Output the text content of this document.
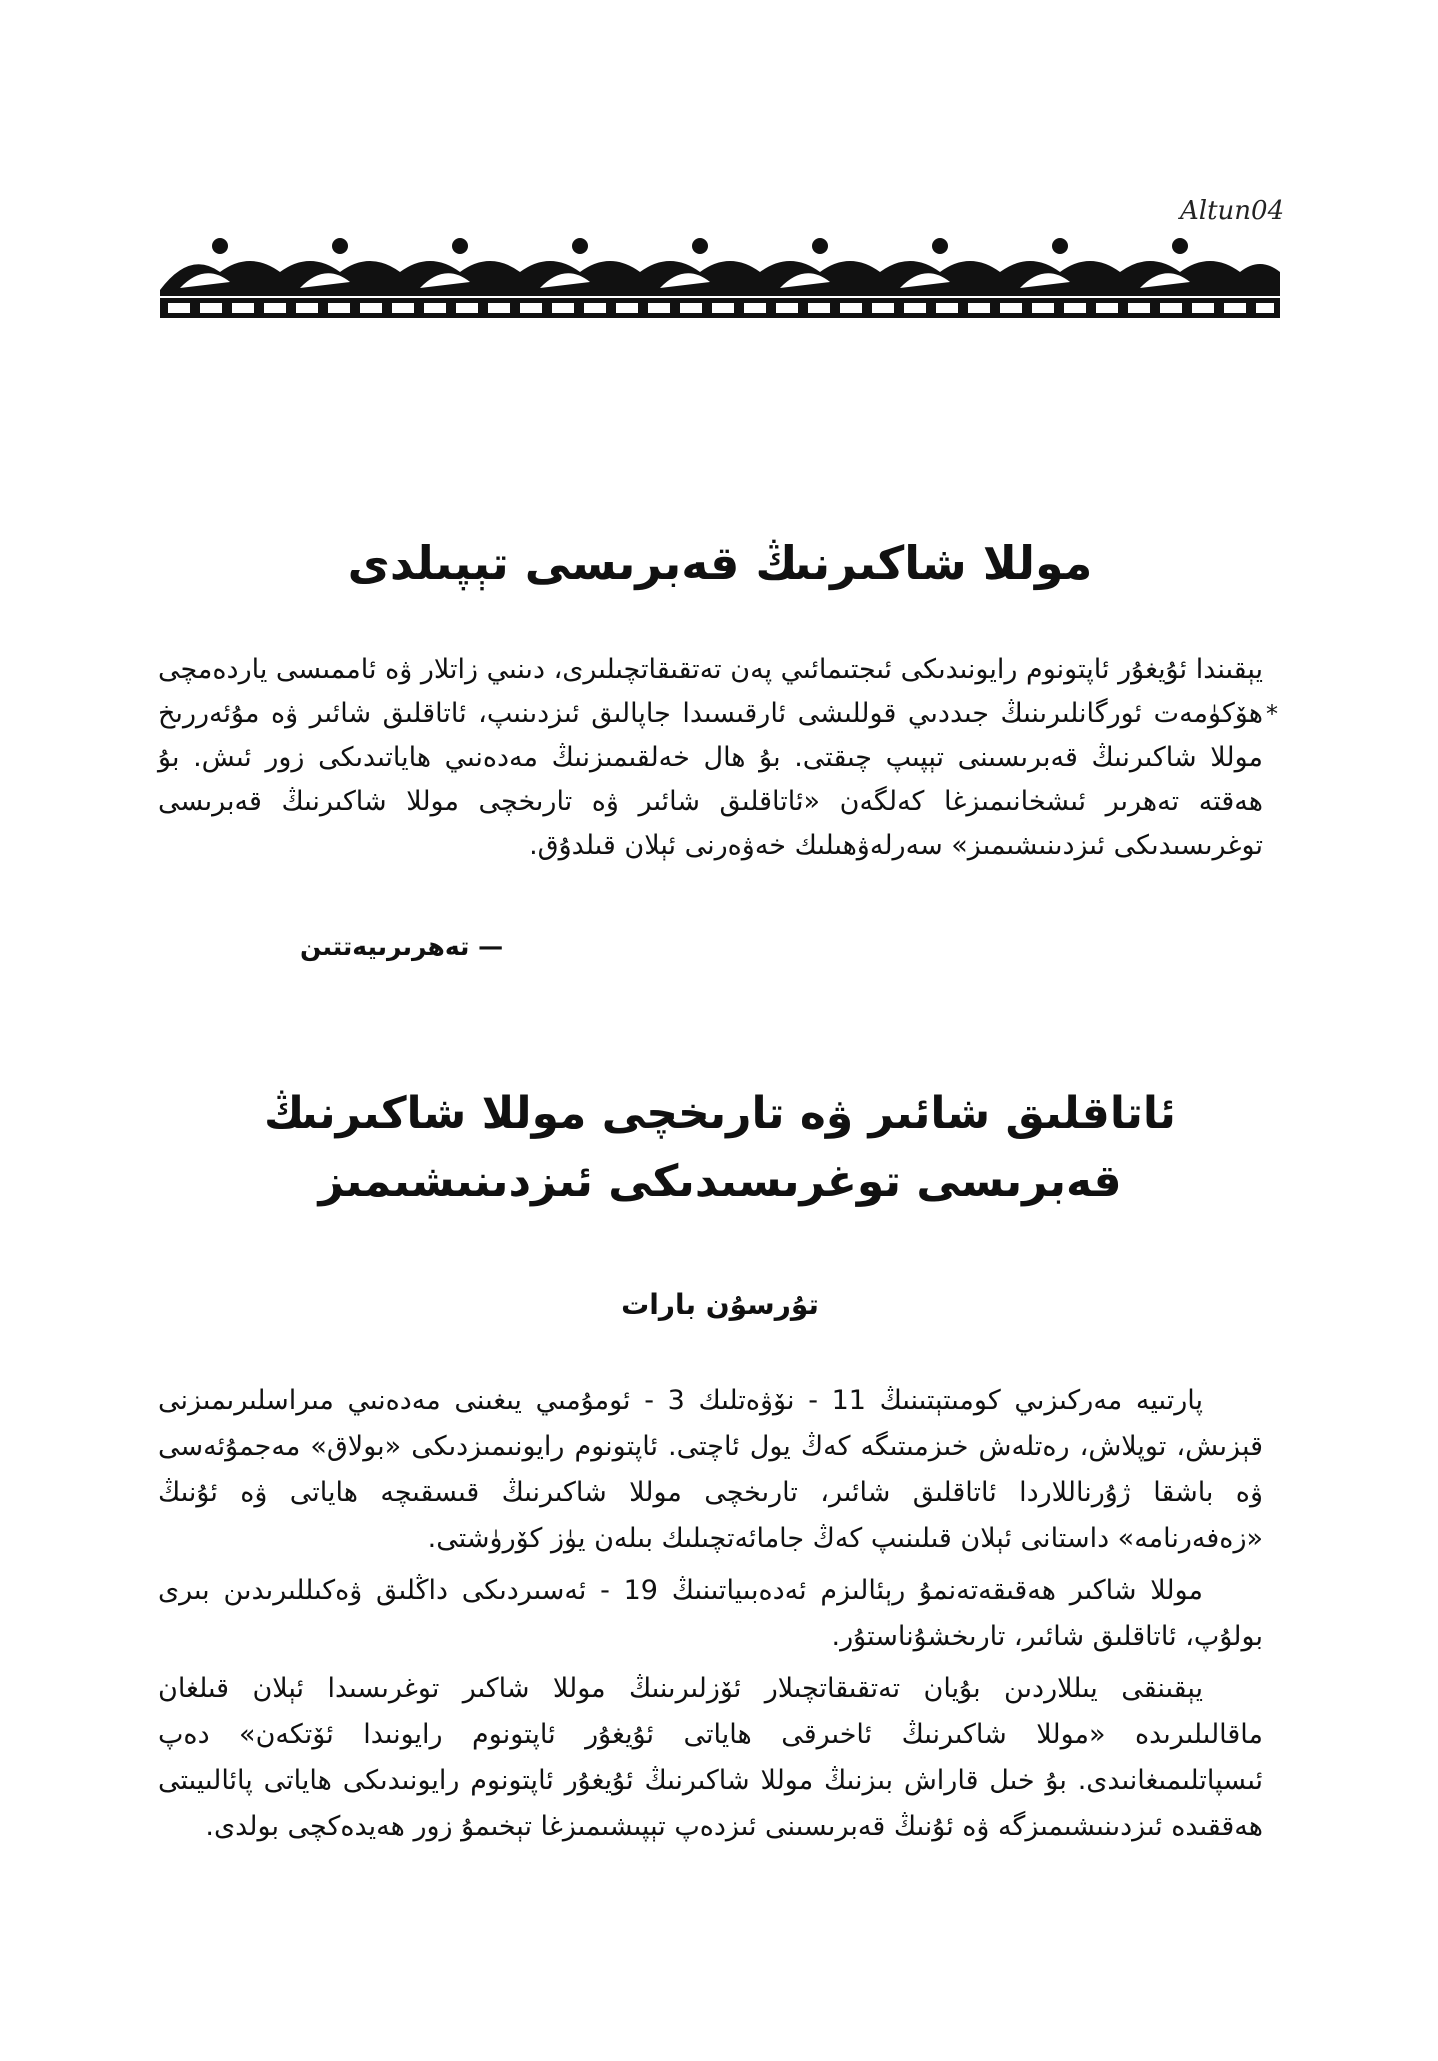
Altun04
موللا شاكىرنىڭ قەبرىسى تېپىلدى
يېقىندا ئۇيغۇر ئاپتونوم رايونىدىكى ئىجتىمائىي پەن تەتقىقاتچىلىرى، دىنىي زاتلار ۋە ئاممىسى ياردەمچى ھۆكۈمەت ئورگانلىرىنىڭ جىددىي قوللىشى ئارقىسىدا جاپالىق ئىزدىنىپ، ئاتاقلىق شائىر ۋە مۇئەررىخ موللا شاكىرنىڭ قەبرىسىنى تېپىپ چىقتى. بۇ ھال خەلقىمىزنىڭ مەدەنىي ھاياتىدىكى زور ئىش. بۇ ھەقتە تەھرىر ئىشخانىمىزغا كەلگەن «ئاتاقلىق شائىر ۋە تارىخچى موللا شاكىرنىڭ قەبرىسى توغرىسىدىكى ئىزدىنىشىمىز» سەرلەۋھىلىك خەۋەرنى ئېلان قىلدۇق.
*
— تەھرىرىيەتتىن
ئاتاقلىق شائىر ۋە تارىخچى موللا شاكىرنىڭ
قەبرىسى توغرىسىدىكى ئىزدىنىشىمىز
تۇرسۇن بارات

پارتىيە مەركىزىي كومىتېتىنىڭ 11 - نۆۋەتلىك 3 - ئومۇمىي يىغىنى مەدەنىي مىراسلىرىمىزنى قېزىش، توپلاش، رەتلەش خىزمىتىگە كەڭ يول ئاچتى. ئاپتونوم رايونىمىزدىكى «بولاق» مەجمۇئەسى ۋە باشقا ژۇرناللاردا ئاتاقلىق شائىر، تارىخچى موللا شاكىرنىڭ قىسقىچە ھاياتى ۋە ئۇنىڭ «زەفەرنامە» داستانى ئېلان قىلىنىپ كەڭ جامائەتچىلىك بىلەن يۈز كۆرۈشتى.

موللا شاكىر ھەقىقەتەنمۇ رېئالىزم ئەدەبىياتىنىڭ 19 - ئەسىردىكى داڭلىق ۋەكىللىرىدىن بىرى بولۇپ، ئاتاقلىق شائىر، تارىخشۇناستۇر.

يېقىنقى يىللاردىن بۇيان تەتقىقاتچىلار ئۆزلىرىنىڭ موللا شاكىر توغرىسىدا ئېلان قىلغان ماقالىلىرىدە «موللا شاكىرنىڭ ئاخىرقى ھاياتى ئۇيغۇر ئاپتونوم رايونىدا ئۆتكەن» دەپ ئىسپاتلىمىغانىدى. بۇ خىل قاراش بىزنىڭ موللا شاكىرنىڭ ئۇيغۇر ئاپتونوم رايونىدىكى ھاياتى پائالىيىتى ھەققىدە ئىزدىنىشىمىزگە ۋە ئۇنىڭ قەبرىسىنى ئىزدەپ تېپىشىمىزغا تېخىمۇ زور ھەيدەكچى بولدى.
